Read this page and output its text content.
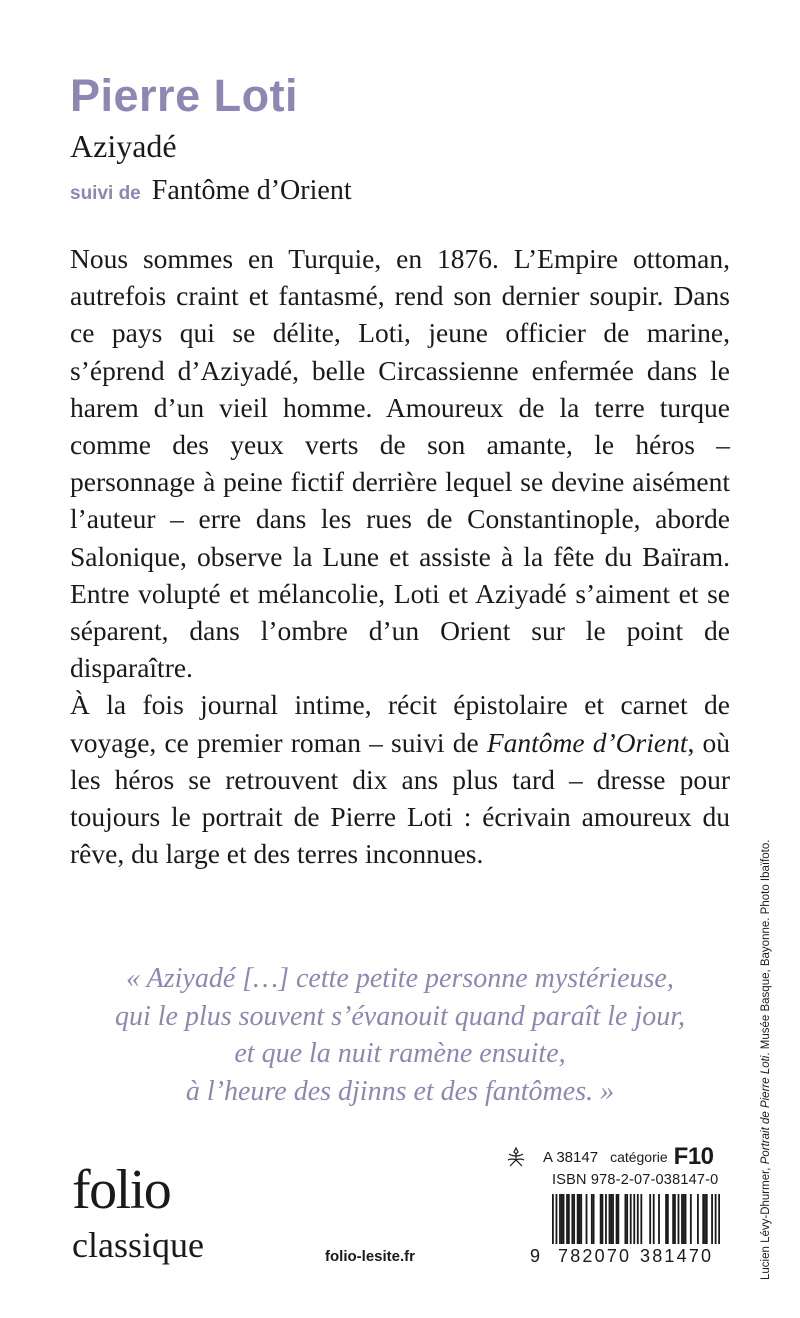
Pierre Loti
Aziyadé
suivi de Fantôme d’Orient

Nous sommes en Turquie, en 1876. L’Empire ottoman, autrefois craint et fantasmé, rend son dernier soupir. Dans ce pays qui se délite, Loti, jeune officier de marine, s’éprend d’Aziyadé, belle Circassienne enfermée dans le harem d’un vieil homme. Amoureux de la terre turque comme des yeux verts de son amante, le héros – personnage à peine fictif derrière lequel se devine aisément l’auteur – erre dans les rues de Constantinople, aborde Salonique, observe la Lune et assiste à la fête du Baïram. Entre volupté et mélancolie, Loti et Aziyadé s’aiment et se séparent, dans l’ombre d’un Orient sur le point de disparaître.

À la fois journal intime, récit épistolaire et carnet de voyage, ce premier roman – suivi de Fantôme d’Orient, où les héros se retrouvent dix ans plus tard – dresse pour toujours le portrait de Pierre Loti : écrivain amoureux du rêve, du large et des terres inconnues.

« Aziyadé […] cette petite personne mystérieuse,

qui le plus souvent s’évanouit quand paraît le jour,

et que la nuit ramène ensuite,

à l’heure des djinns et des fantômes. »

folio
classique	folio-lesite.fr
A 38147 catégorie F10
ISBN 978-2-07-038147-0
9 782070 381470	Lucien Lévy-Dhurmer, Portrait de Pierre Loti. Musée Basque, Bayonne. Photo Ibaïfoto.
